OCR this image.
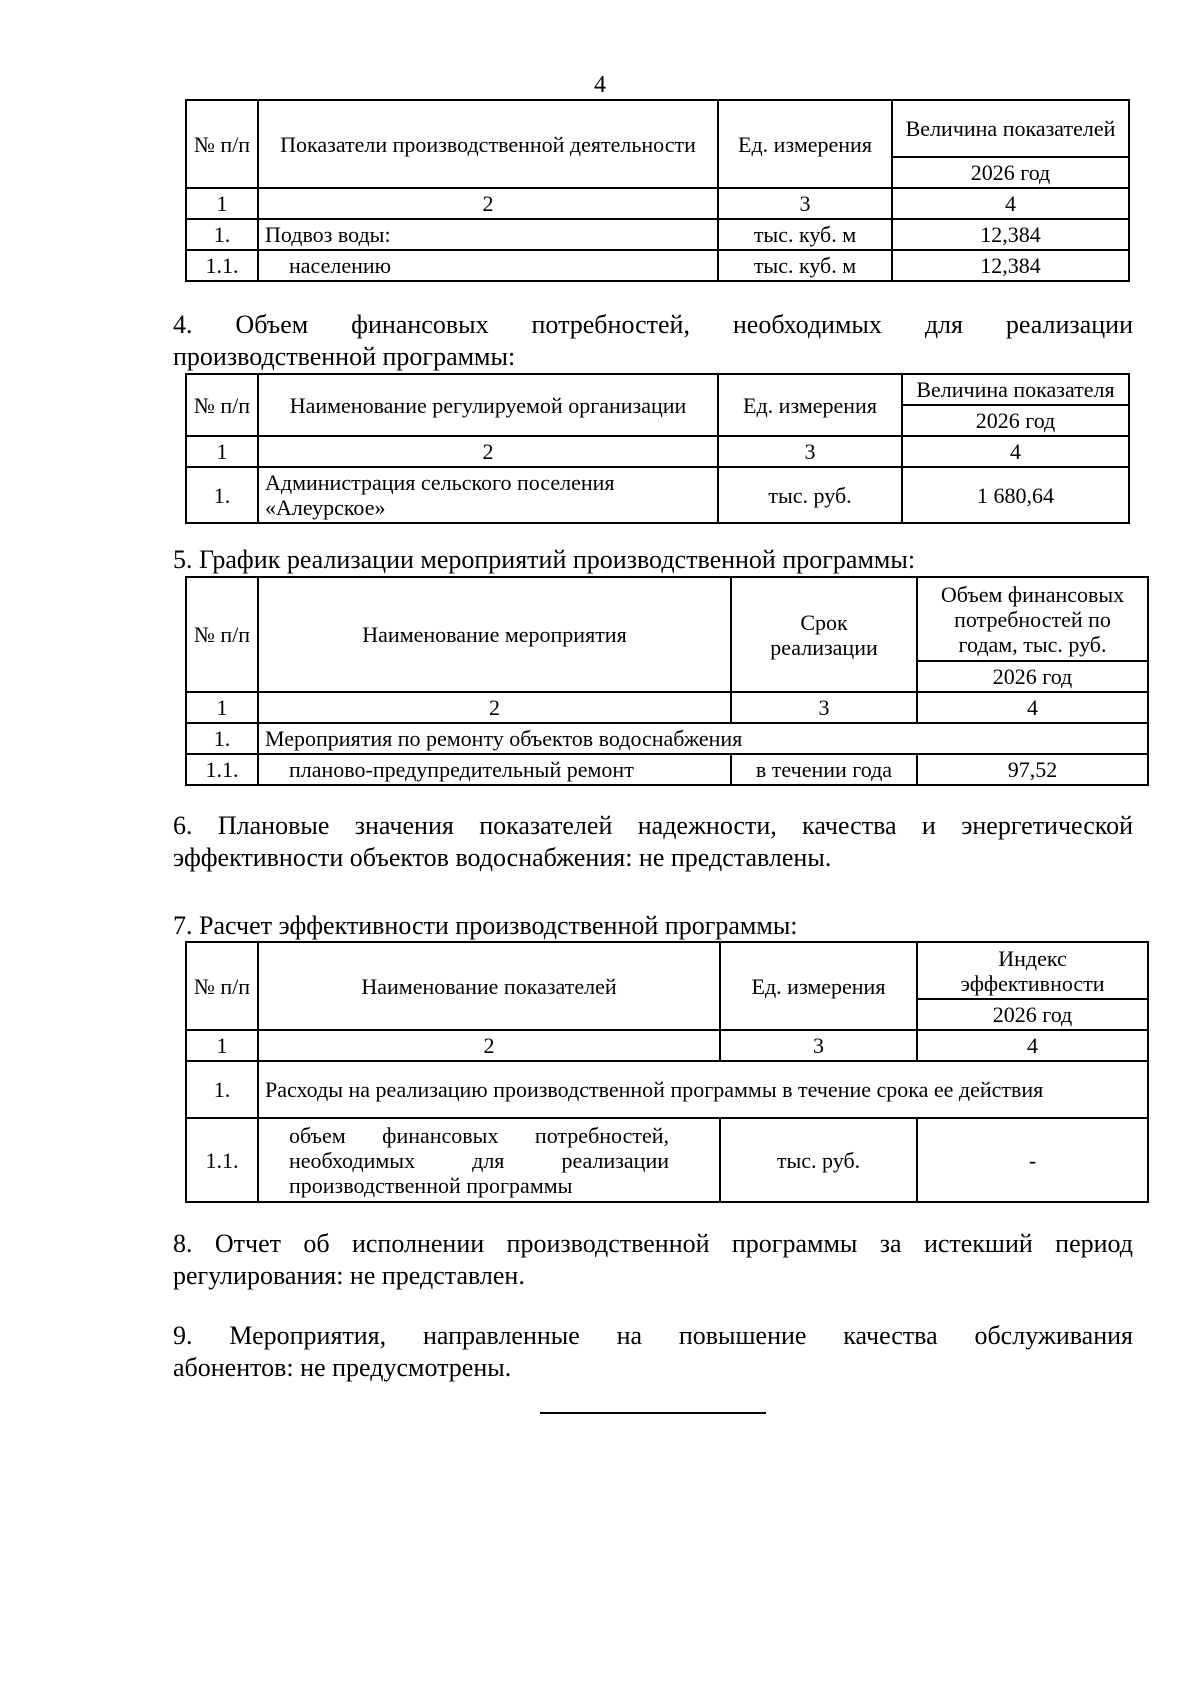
4
№ п/п	Показатели производственной деятельности	Ед. измерения	Величина показателей
			2026 год
1	2	3	4
1.	Подвоз воды:	тыс. куб. м	12,384
1.1.	населению	тыс. куб. м	12,384
4. Объем финансовых потребностей, необходимых для реализации
производственной программы:
№ п/п	Наименование регулируемой организации	Ед. измерения	Величина показателя
			2026 год
1	2	3	4
1.	Администрация сельского поселения «Алеурское»	тыс. руб.	1 680,64
5. График реализации мероприятий производственной программы:
№ п/п	Наименование мероприятия	Срок реализации	Объем финансовых потребностей по годам, тыс. руб.
			2026 год
1	2	3	4
1.	Мероприятия по ремонту объектов водоснабжения		
1.1.	планово-предупредительный ремонт	в течении года	97,52
6. Плановые значения показателей надежности, качества и энергетической
эффективности объектов водоснабжения: не представлены.
7. Расчет эффективности производственной программы:
№ п/п	Наименование показателей	Ед. измерения	Индекс эффективности
			2026 год
1	2	3	4
1.	Расходы на реализацию производственной программы в течение срока ее действия		
1.1.	объем финансовых потребностей,
необходимых для реализации
производственной программы	тыс. руб.	-
8. Отчет об исполнении производственной программы за истекший период
регулирования: не представлен.
9. Мероприятия, направленные на повышение качества обслуживания
абонентов: не предусмотрены.
